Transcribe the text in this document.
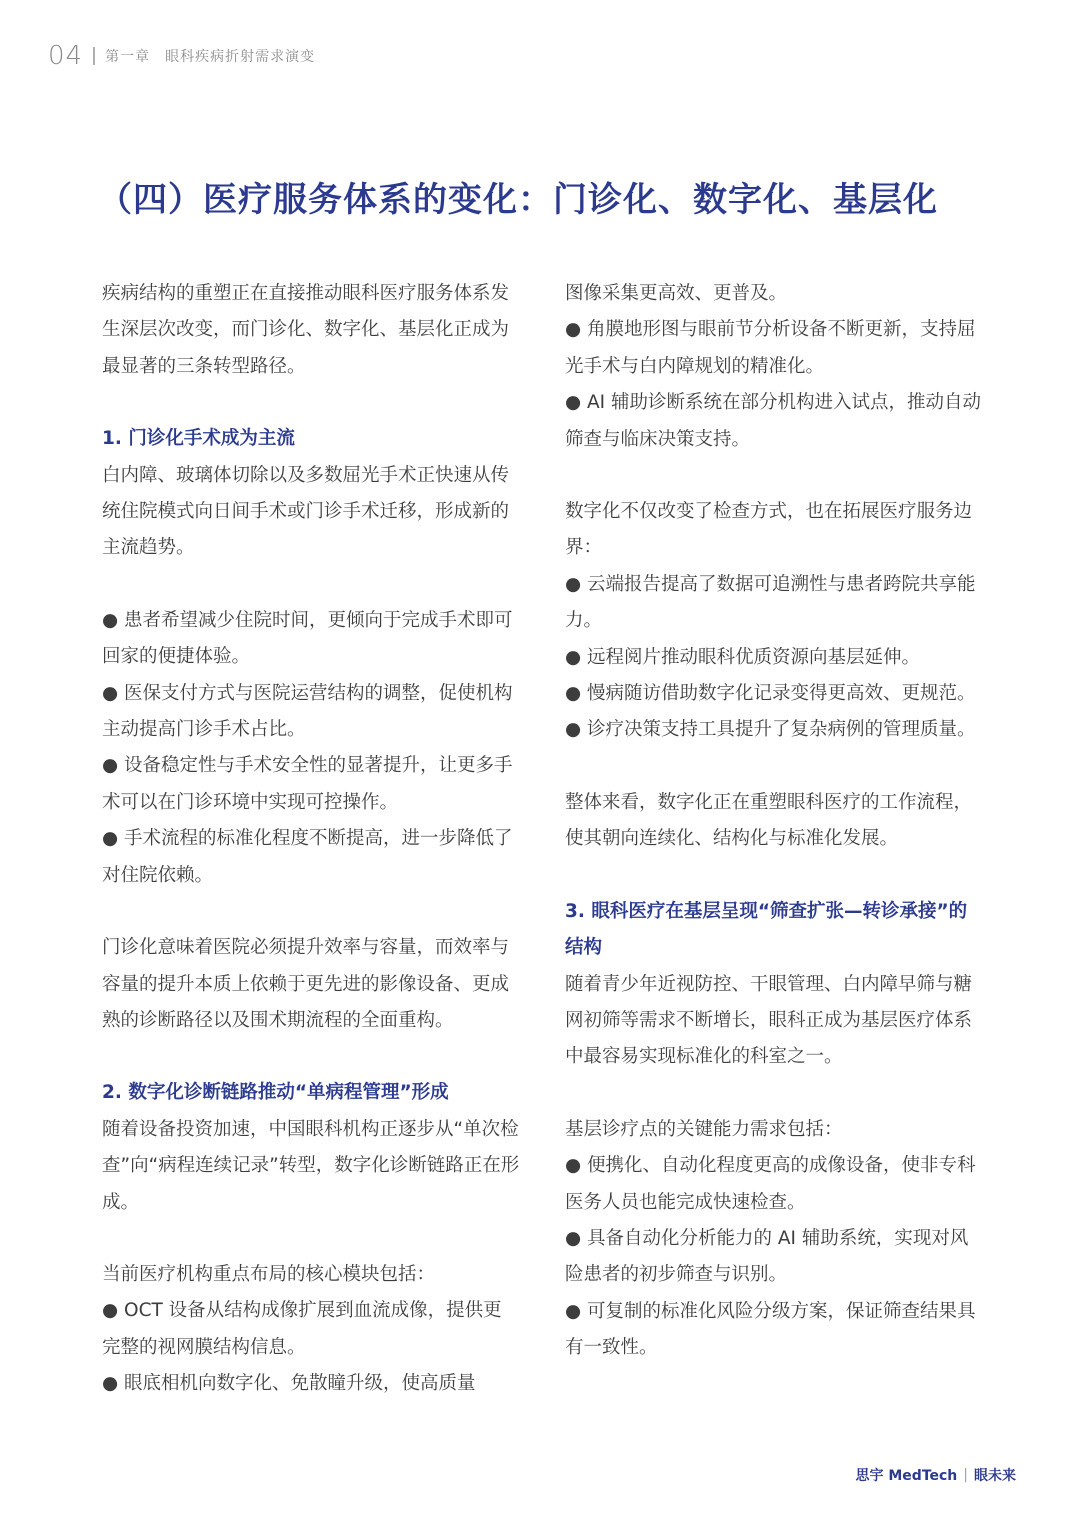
04 第一章　眼科疾病折射需求演变
（四）医疗服务体系的变化：门诊化、数字化、基层化

疾病结构的重塑正在直接推动眼科医疗服务体系发生深层次改变，而门诊化、数字化、基层化正成为最显著的三条转型路径。

1. 门诊化手术成为主流

白内障、玻璃体切除以及多数屈光手术正快速从传统住院模式向日间手术或门诊手术迁移，形成新的主流趋势。

● 患者希望减少住院时间，更倾向于完成手术即可回家的便捷体验。

● 医保支付方式与医院运营结构的调整，促使机构主动提高门诊手术占比。

● 设备稳定性与手术安全性的显著提升，让更多手术可以在门诊环境中实现可控操作。

● 手术流程的标准化程度不断提高，进一步降低了对住院依赖。

门诊化意味着医院必须提升效率与容量，而效率与容量的提升本质上依赖于更先进的影像设备、更成熟的诊断路径以及围术期流程的全面重构。

2. 数字化诊断链路推动“单病程管理”形成

随着设备投资加速，中国眼科机构正逐步从“单次检查”向“病程连续记录”转型，数字化诊断链路正在形成。

当前医疗机构重点布局的核心模块包括：

● OCT 设备从结构成像扩展到血流成像，提供更完整的视网膜结构信息。

● 眼底相机向数字化、免散瞳升级，使高质量

图像采集更高效、更普及。

● 角膜地形图与眼前节分析设备不断更新，支持屈光手术与白内障规划的精准化。

● AI 辅助诊断系统在部分机构进入试点，推动自动筛查与临床决策支持。

数字化不仅改变了检查方式，也在拓展医疗服务边界：

● 云端报告提高了数据可追溯性与患者跨院共享能力。

● 远程阅片推动眼科优质资源向基层延伸。

● 慢病随访借助数字化记录变得更高效、更规范。

● 诊疗决策支持工具提升了复杂病例的管理质量。

整体来看，数字化正在重塑眼科医疗的工作流程，使其朝向连续化、结构化与标准化发展。

3. 眼科医疗在基层呈现“筛查扩张—转诊承接”的结构

随着青少年近视防控、干眼管理、白内障早筛与糖网初筛等需求不断增长，眼科正成为基层医疗体系中最容易实现标准化的科室之一。

基层诊疗点的关键能力需求包括：

● 便携化、自动化程度更高的成像设备，使非专科医务人员也能完成快速检查。

● 具备自动化分析能力的 AI 辅助系统，实现对风险患者的初步筛查与识别。

● 可复制的标准化风险分级方案，保证筛查结果具有一致性。

思宇 MedTech | 眼未来
